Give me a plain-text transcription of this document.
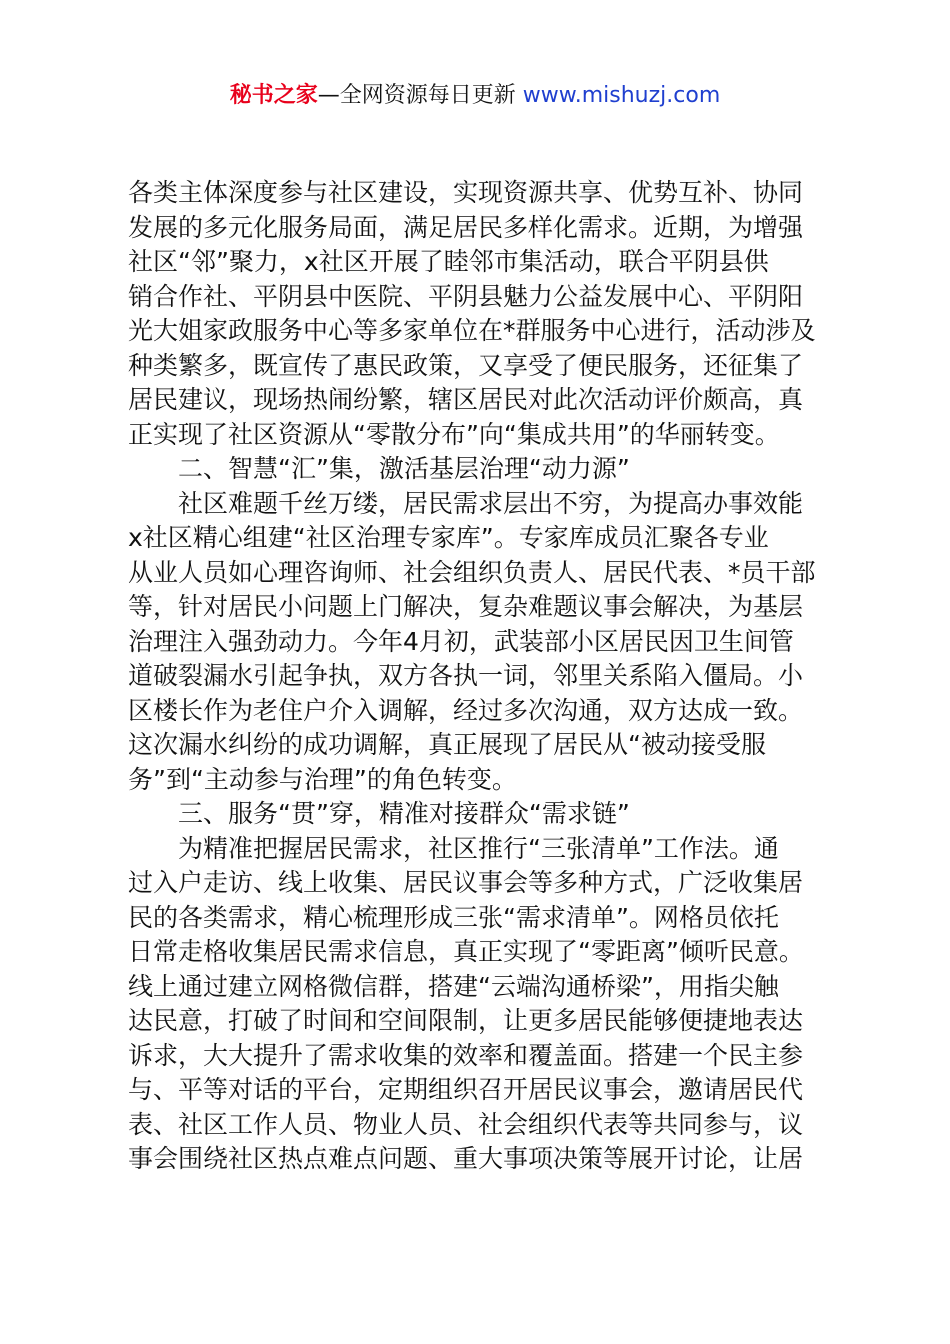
秘书之家—全网资源每日更新 www.mishuzj.com
各类主体深度参与社区建设，实现资源共享、优势互补、协同
发展的多元化服务局面，满足居民多样化需求。近期，为增强
社区“邻”聚力，x社区开展了睦邻市集活动，联合平阴县供
销合作社、平阴县中医院、平阴县魅力公益发展中心、平阴阳
光大姐家政服务中心等多家单位在*群服务中心进行，活动涉及
种类繁多，既宣传了惠民政策，又享受了便民服务，还征集了
居民建议，现场热闹纷繁，辖区居民对此次活动评价颇高，真
正实现了社区资源从“零散分布”向“集成共用”的华丽转变。
二、智慧“汇”集，激活基层治理“动力源”
社区难题千丝万缕，居民需求层出不穷，为提高办事效能
x社区精心组建“社区治理专家库”。专家库成员汇聚各专业
从业人员如心理咨询师、社会组织负责人、居民代表、*员干部
等，针对居民小问题上门解决，复杂难题议事会解决，为基层
治理注入强劲动力。今年4月初，武装部小区居民因卫生间管
道破裂漏水引起争执，双方各执一词，邻里关系陷入僵局。小
区楼长作为老住户介入调解，经过多次沟通，双方达成一致。
这次漏水纠纷的成功调解，真正展现了居民从“被动接受服
务”到“主动参与治理”的角色转变。
三、服务“贯”穿，精准对接群众“需求链”
为精准把握居民需求，社区推行“三张清单”工作法。通
过入户走访、线上收集、居民议事会等多种方式，广泛收集居
民的各类需求，精心梳理形成三张“需求清单”。网格员依托
日常走格收集居民需求信息，真正实现了“零距离”倾听民意。
线上通过建立网格微信群，搭建“云端沟通桥梁”，用指尖触
达民意，打破了时间和空间限制，让更多居民能够便捷地表达
诉求，大大提升了需求收集的效率和覆盖面。搭建一个民主参
与、平等对话的平台，定期组织召开居民议事会，邀请居民代
表、社区工作人员、物业人员、社会组织代表等共同参与，议
事会围绕社区热点难点问题、重大事项决策等展开讨论，让居
